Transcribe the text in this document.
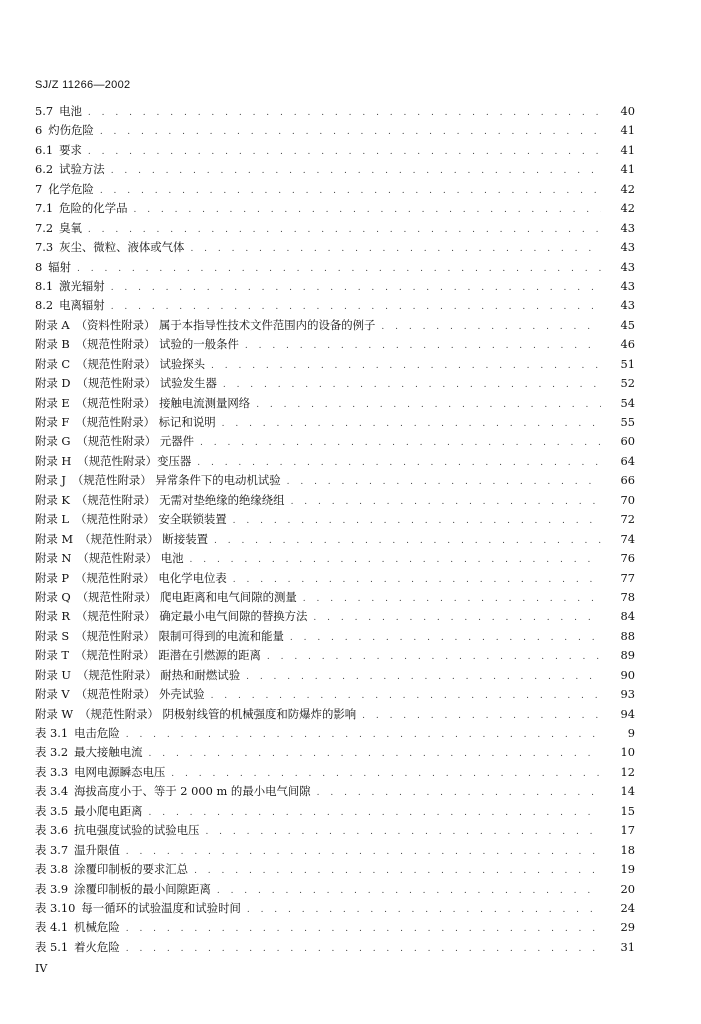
SJ/Z 11266—2002
5.7 电池 . . .	40
6 灼伤危险 . . .	41
6.1 要求 . . .	41
6.2 试验方法 . . .	41
7 化学危险 . . .	42
7.1 危险的化学品 . . .	42
7.2 臭氧 . . .	43
7.3 灰尘、微粒、液体或气体 . . .	43
8 辐射 . . .	43
8.1 激光辐射 . . .	43
8.2 电离辐射 . . .	43
附录 A （资料性附录） 属于本指导性技术文件范围内的设备的例子 . . .	45
附录 B （规范性附录） 试验的一般条件 . . .	46
附录 C （规范性附录） 试验探头 . . .	51
附录 D （规范性附录） 试验发生器 . . .	52
附录 E （规范性附录） 接触电流测量网络 . . .	54
附录 F （规范性附录） 标记和说明 . . .	55
附录 G （规范性附录） 元器件 . . .	60
附录 H （规范性附录）变压器 . . .	64
附录 J （规范性附录） 异常条件下的电动机试验 . . .	66
附录 K （规范性附录） 无需对垫绝缘的绝缘绕组 . . .	70
附录 L （规范性附录） 安全联锁装置 . . .	72
附录 M （规范性附录） 断接装置 . . .	74
附录 N （规范性附录） 电池 . . .	76
附录 P （规范性附录） 电化学电位表 . . .	77
附录 Q （规范性附录） 爬电距离和电气间隙的测量 . . .	78
附录 R （规范性附录） 确定最小电气间隙的替换方法 . . .	84
附录 S （规范性附录） 限制可得到的电流和能量 . . .	88
附录 T （规范性附录） 距潜在引燃源的距离 . . .	89
附录 U （规范性附录） 耐热和耐燃试验 . . .	90
附录 V （规范性附录） 外壳试验 . . .	93
附录 W （规范性附录） 阴极射线管的机械强度和防爆炸的影响 . . .	94
表 3.1 电击危险 . . .	9
表 3.2 最大接触电流 . . .	10
表 3.3 电网电源瞬态电压 . . .	12
表 3.4 海拔高度小于、等于 2 000 m 的最小电气间隙 . . .	14
表 3.5 最小爬电距离 . . .	15
表 3.6 抗电强度试验的试验电压 . . .	17
表 3.7 温升限值 . . .	18
表 3.8 涂覆印制板的要求汇总 . . .	19
表 3.9 涂覆印制板的最小间隙距离 . . .	20
表 3.10 每一循环的试验温度和试验时间 . . .	24
表 4.1 机械危险 . . .	29
表 5.1 着火危险 . . .	31
IV
